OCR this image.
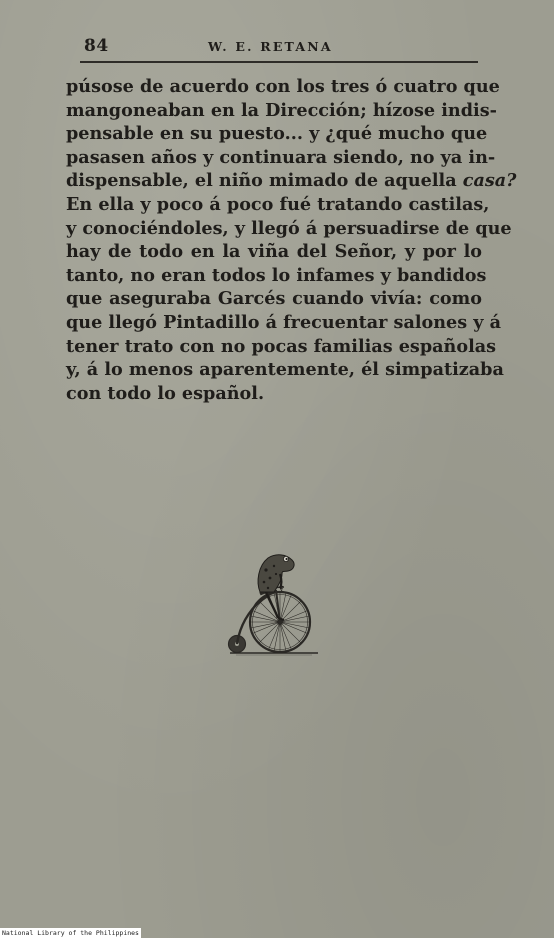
84	W. E. RETANA
púsose de acuerdo con los tres ó cuatro que
mangoneaban en la Dirección; hízose indis-
pensable en su puesto... y ¿qué mucho que
pasasen años y continuara siendo, no ya in-
dispensable, el niño mimado de aquella casa?
En ella y poco á poco fué tratando castilas,
y conociéndoles, y llegó á persuadirse de que
hay de todo en la viña del Señor, y por lo
tanto, no eran todos lo infames y bandidos
que aseguraba Garcés cuando vivía: como
que llegó Pintadillo á frecuentar salones y á
tener trato con no pocas familias españolas
y, á lo menos aparentemente, él simpatizaba
con todo lo español.
National Library of the Philippines
